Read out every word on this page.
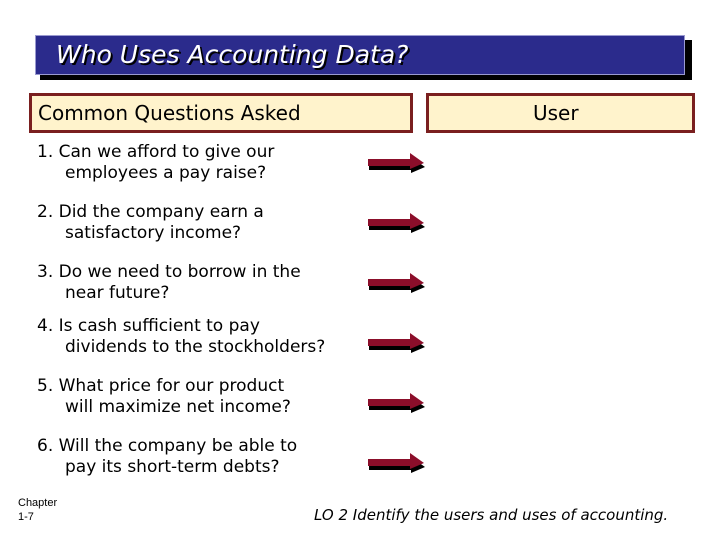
Who Uses Accounting Data?
Common Questions Asked	User
1. Can we afford to give our
employees a pay raise?
2. Did the company earn a
satisfactory income?
3. Do we need to borrow in the
near future?
4. Is cash sufficient to pay
dividends to the stockholders?
5. What price for our product
will maximize net income?
6. Will the company be able to
pay its short-term debts?
Chapter
1-7	LO 2 Identify the users and uses of accounting.
